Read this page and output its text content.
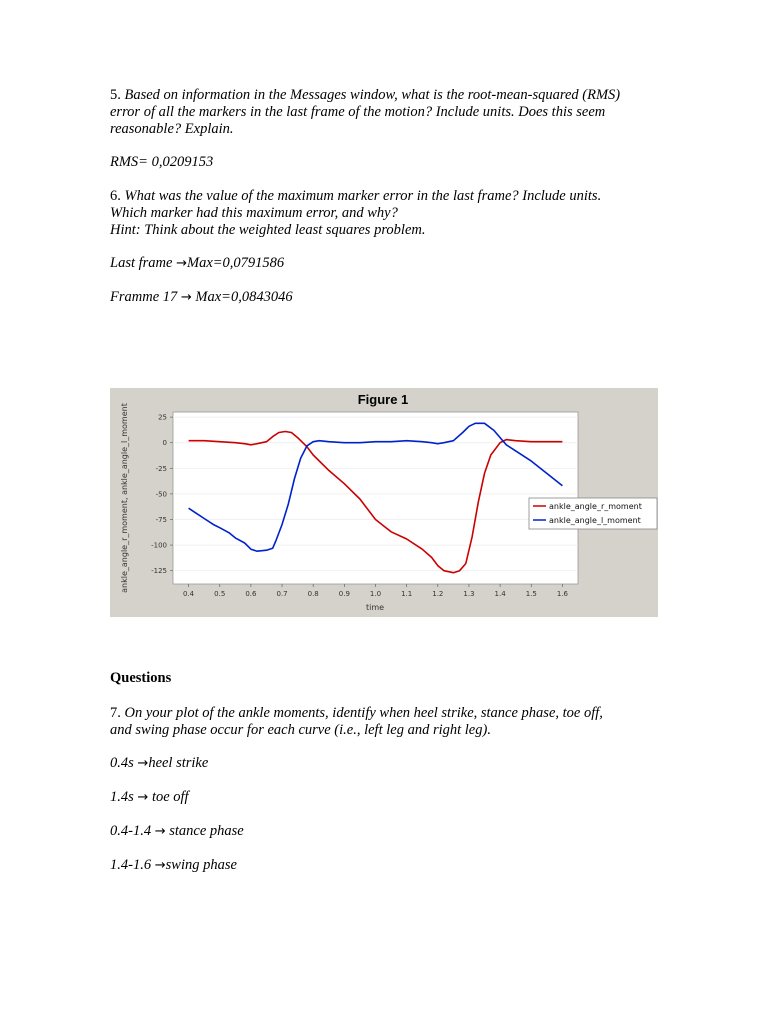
5. Based on information in the Messages window, what is the root-mean-squared (RMS)
error of all the markers in the last frame of the motion? Include units. Does this seem
reasonable? Explain.
RMS= 0,0209153
6. What was the value of the maximum marker error in the last frame? Include units.
Which marker had this maximum error, and why?
Hint: Think about the weighted least squares problem.
Last frame →Max=0,0791586
Framme 17 → Max=0,0843046
Figure 1
25
0
-25
-50
-75
-100
-125
0.4	0.5	0.6	0.7	0.8	0.9	1.0	1.1	1.2	1.3	1.4	1.5	1.6
time
ankle_angle_r_moment, ankle_angle_l_moment	ankle_angle_r_moment
ankle_angle_l_moment
Questions
7. On your plot of the ankle moments, identify when heel strike, stance phase, toe off,
and swing phase occur for each curve (i.e., left leg and right leg).
0.4s →heel strike
1.4s → toe off
0.4-1.4 → stance phase
1.4-1.6 →swing phase
